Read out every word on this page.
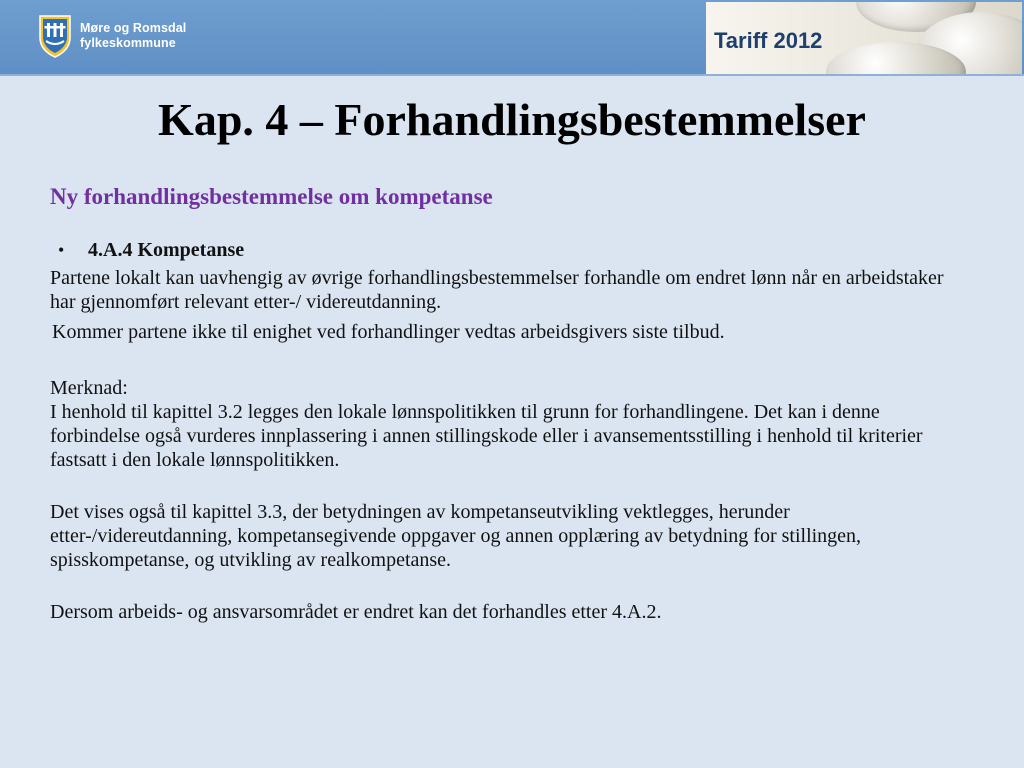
Møre og Romsdal
fylkeskommune	Tariff 2012
Kap. 4 – Forhandlingsbestemmelser
Ny forhandlingsbestemmelse om kompetanse
•	4.A.4 Kompetanse

Partene lokalt kan uavhengig av øvrige forhandlingsbestemmelser forhandle om endret lønn når en arbeidstaker har gjennomført relevant etter-/ videreutdanning.

Kommer partene ikke til enighet ved forhandlinger vedtas arbeidsgivers siste tilbud.

Merknad:

I henhold til kapittel 3.2 legges den lokale lønnspolitikken til grunn for forhandlingene. Det kan i denne forbindelse også vurderes innplassering i annen stillingskode eller i avansementsstilling i henhold til kriterier fastsatt i den lokale lønnspolitikken.

Det vises også til kapittel 3.3, der betydningen av kompetanseutvikling vektlegges, herunder etter-/videreutdanning, kompetansegivende oppgaver og annen opplæring av betydning for stillingen, spisskompetanse, og utvikling av realkompetanse.

Dersom arbeids- og ansvarsområdet er endret kan det forhandles etter 4.A.2.
